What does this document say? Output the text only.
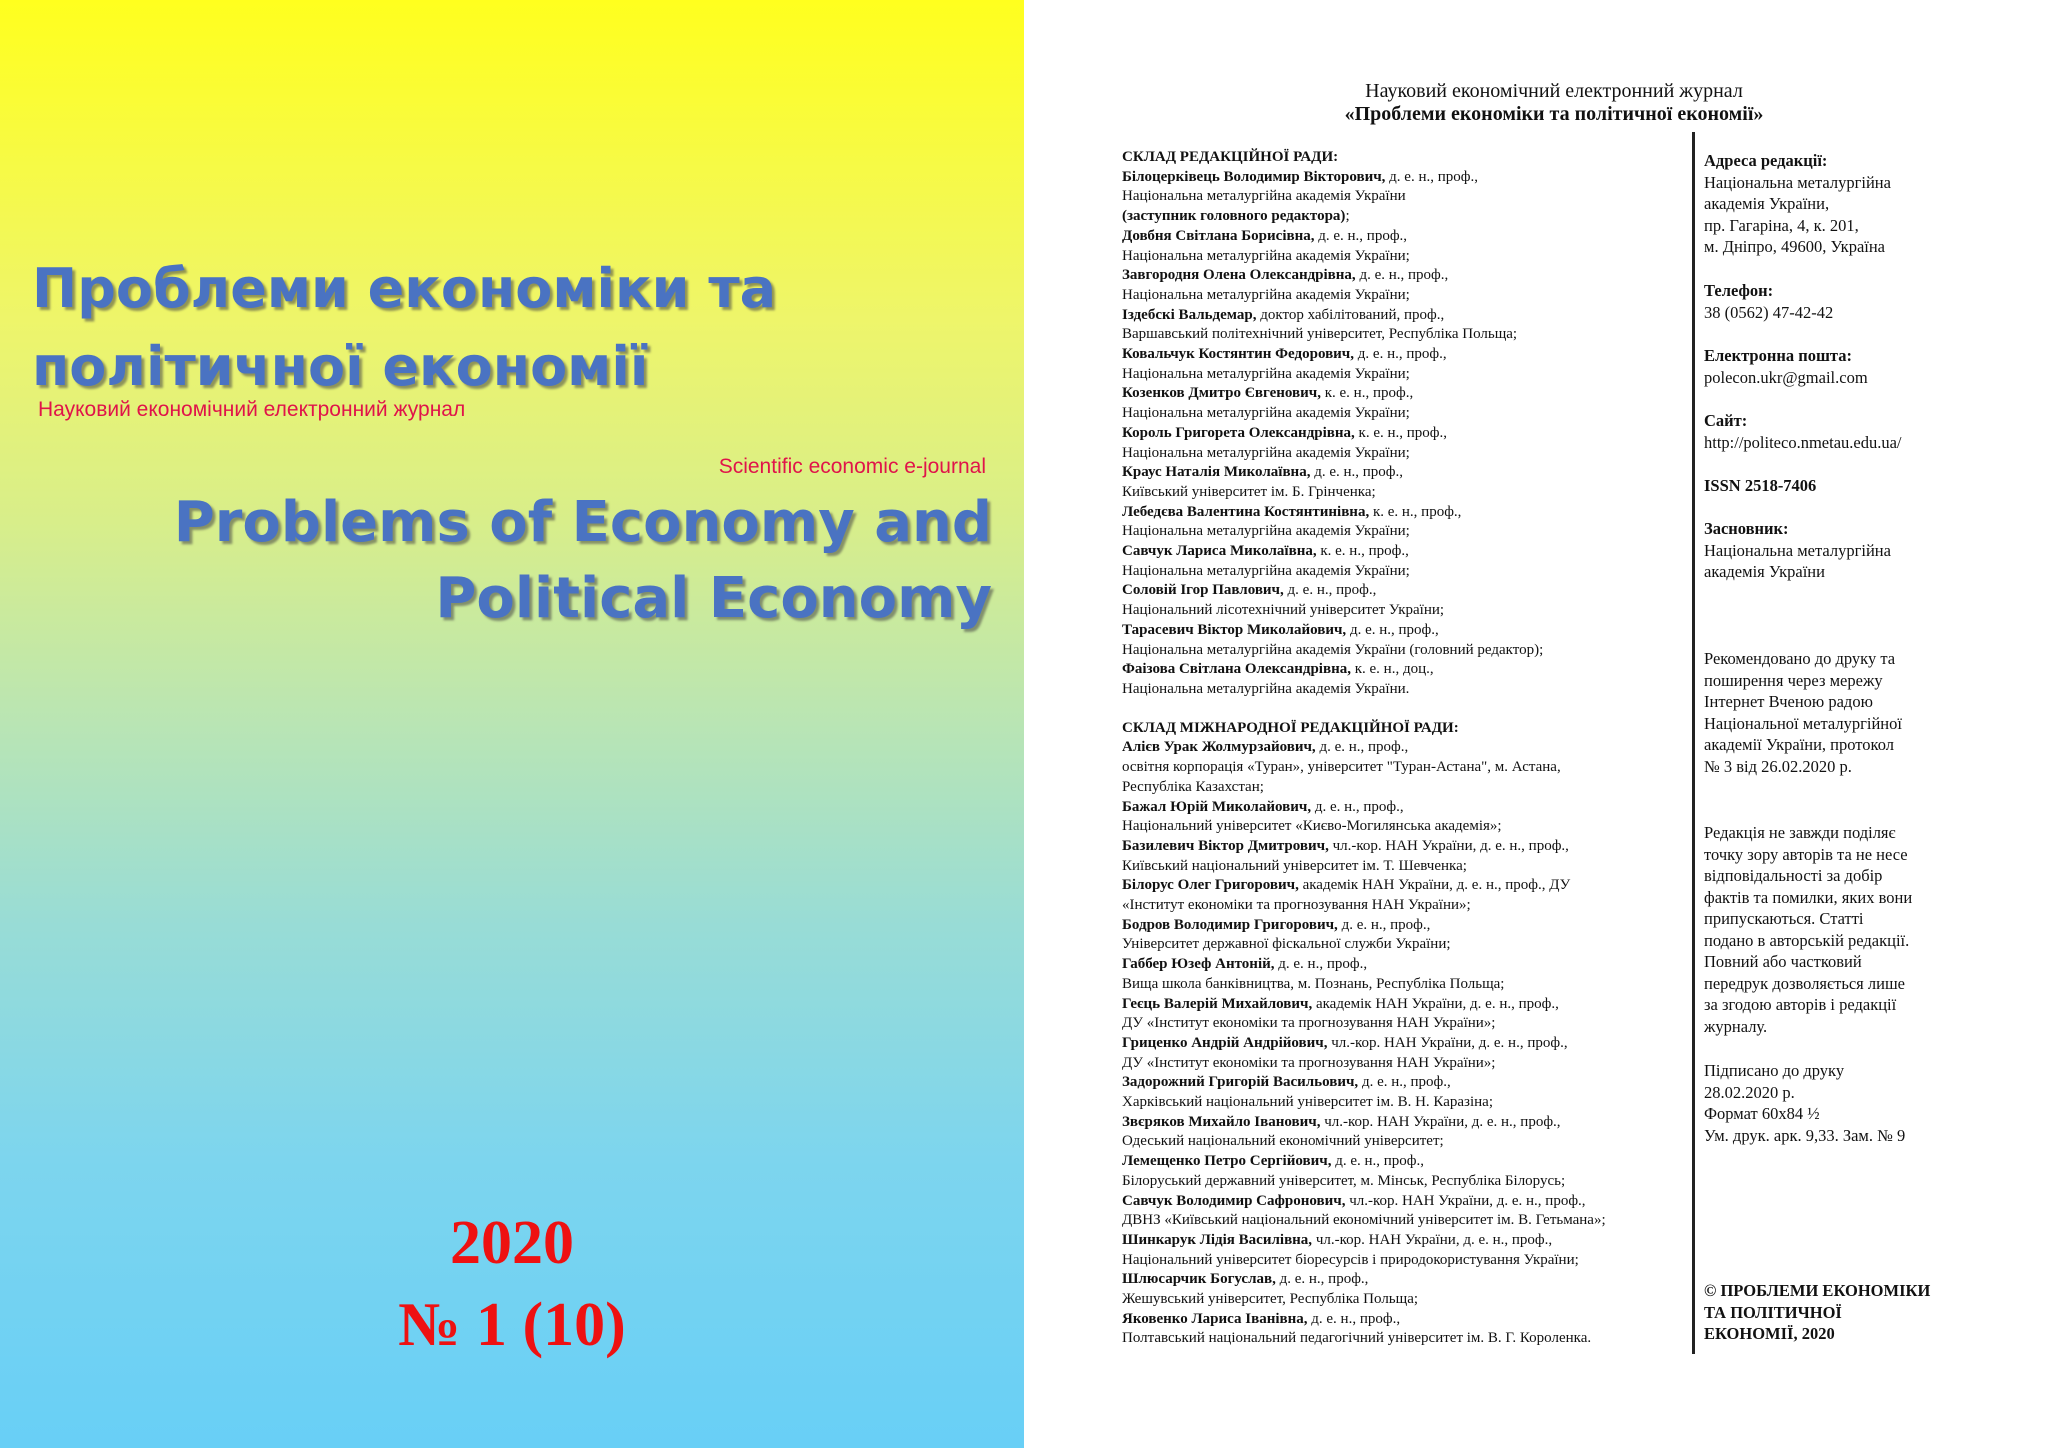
Проблеми економіки та
політичної економії
Науковий економічний електронний журнал
Scientific economic e-journal
Problems of Economy and
Political Economy
2020
№ 1 (10)
Науковий економічний електронний журнал
«Проблеми економіки та політичної економії»
СКЛАД РЕДАКЦІЙНОЇ РАДИ:
Білоцерківець Володимир Вікторович, д. е. н., проф.,
Національна металургійна академія України
(заступник головного редактора);
Довбня Світлана Борисівна, д. е. н., проф.,
Національна металургійна академія України;
Завгородня Олена Олександрівна, д. е. н., проф.,
Національна металургійна академія України;
Іздебскі Вальдемар, доктор хабілітований, проф.,
Варшавський політехнічний університет, Республіка Польща;
Ковальчук Костянтин Федорович, д. е. н., проф.,
Національна металургійна академія України;
Козенков Дмитро Євгенович, к. е. н., проф.,
Національна металургійна академія України;
Король Григорета Олександрівна, к. е. н., проф.,
Національна металургійна академія України;
Краус Наталія Миколаївна, д. е. н., проф.,
Київський університет ім. Б. Грінченка;
Лебедєва Валентина Костянтинівна, к. е. н., проф.,
Національна металургійна академія України;
Савчук Лариса Миколаївна, к. е. н., проф.,
Національна металургійна академія України;
Соловій Ігор Павлович, д. е. н., проф.,
Національний лісотехнічний університет України;
Тарасевич Віктор Миколайович, д. е. н., проф.,
Національна металургійна академія України (головний редактор);
Фаізова Світлана Олександрівна, к. е. н., доц.,
Національна металургійна академія України.
СКЛАД МІЖНАРОДНОЇ РЕДАКЦІЙНОЇ РАДИ:
Алієв Урак Жолмурзайович, д. е. н., проф.,
освітня корпорація «Туран», університет "Туран-Астана", м. Астана,
Республіка Казахстан;
Бажал Юрій Миколайович, д. е. н., проф.,
Національний університет «Києво-Могилянська академія»;
Базилевич Віктор Дмитрович, чл.-кор. НАН України, д. е. н., проф.,
Київський національний університет ім. Т. Шевченка;
Білорус Олег Григорович, академік НАН України, д. е. н., проф., ДУ
«Інститут економіки та прогнозування НАН України»;
Бодров Володимир Григорович, д. е. н., проф.,
Університет державної фіскальної служби України;
Габбер Юзеф Антоній, д. е. н., проф.,
Вища школа банківництва, м. Познань, Республіка Польща;
Геєць Валерій Михайлович, академік НАН України, д. е. н., проф.,
ДУ «Інститут економіки та прогнозування НАН України»;
Гриценко Андрій Андрійович, чл.-кор. НАН України, д. е. н., проф.,
ДУ «Інститут економіки та прогнозування НАН України»;
Задорожний Григорій Васильович, д. е. н., проф.,
Харківський національний університет ім. В. Н. Каразіна;
Звєряков Михайло Іванович, чл.-кор. НАН України, д. е. н., проф.,
Одеський національний економічний університет;
Лемещенко Петро Сергійович, д. е. н., проф.,
Білоруський державний університет, м. Мінськ, Республіка Білорусь;
Савчук Володимир Сафронович, чл.-кор. НАН України, д. е. н., проф.,
ДВНЗ «Київський національний економічний університет ім. В. Гетьмана»;
Шинкарук Лідія Василівна, чл.-кор. НАН України, д. е. н., проф.,
Національний університет біоресурсів і природокористування України;
Шлюсарчик Богуслав, д. е. н., проф.,
Жешувський університет, Республіка Польща;
Яковенко Лариса Іванівна, д. е. н., проф.,
Полтавський національний педагогічний університет ім. В. Г. Короленка.
Адреса редакції:
Національна металургійна
академія України,
пр. Гагаріна, 4, к. 201,
м. Дніпро, 49600, Україна
Телефон:
38 (0562) 47-42-42
Електронна пошта:
polecon.ukr@gmail.com
Сайт:
http://politeco.nmetau.edu.ua/
ISSN 2518-7406
Засновник:
Національна металургійна
академія України
Рекомендовано до друку та
поширення через мережу
Інтернет Вченою радою
Національної металургійної
академії України, протокол
№ 3 від 26.02.2020 р.
Редакція не завжди поділяє
точку зору авторів та не несе
відповідальності за добір
фактів та помилки, яких вони
припускаються. Статті
подано в авторській редакції.
Повний або частковий
передрук дозволяється лише
за згодою авторів і редакції
журналу.
Підписано до друку
28.02.2020 р.
Формат 60х84 ½
Ум. друк. арк. 9,33. Зам. № 9
© ПРОБЛЕМИ ЕКОНОМІКИ
ТА ПОЛІТИЧНОЇ
ЕКОНОМІЇ, 2020
